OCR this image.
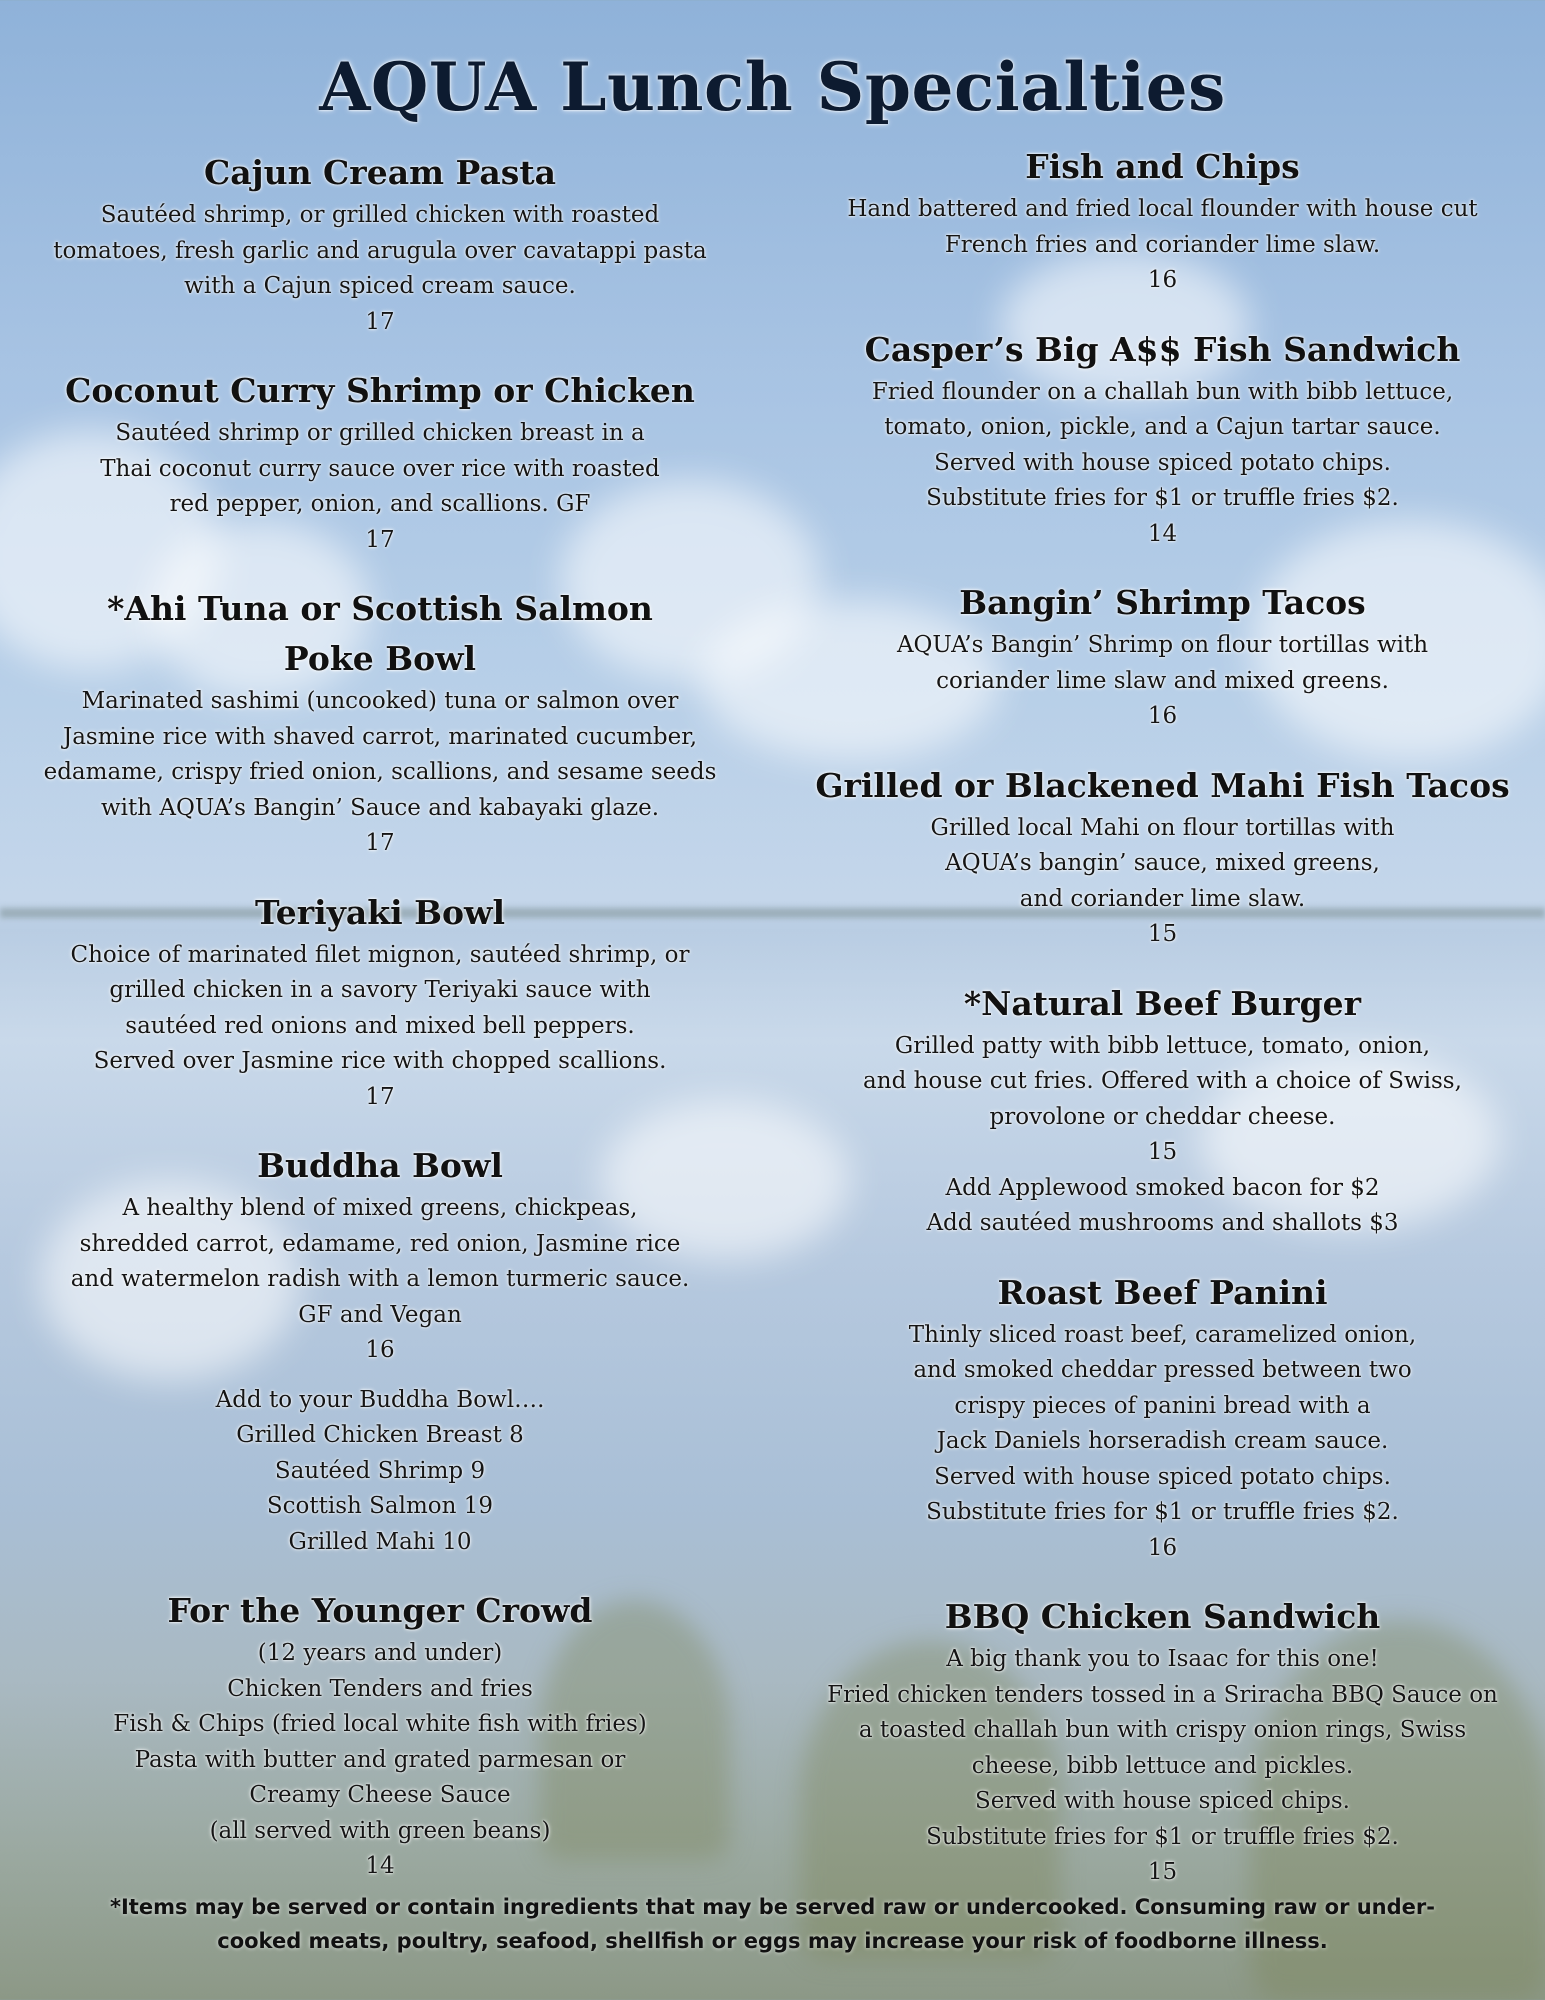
AQUA Lunch Specialties
Cajun Cream Pasta
Sautéed shrimp, or grilled chicken with roasted
tomatoes, fresh garlic and arugula over cavatappi pasta
with a Cajun spiced cream sauce.
17
Coconut Curry Shrimp or Chicken
Sautéed shrimp or grilled chicken breast in a
Thai coconut curry sauce over rice with roasted
red pepper, onion, and scallions. GF
17
*Ahi Tuna or Scottish Salmon
Poke Bowl
Marinated sashimi (uncooked) tuna or salmon over
Jasmine rice with shaved carrot, marinated cucumber,
edamame, crispy fried onion, scallions, and sesame seeds
with AQUA’s Bangin’ Sauce and kabayaki glaze.
17
Teriyaki Bowl
Choice of marinated filet mignon, sautéed shrimp, or
grilled chicken in a savory Teriyaki sauce with
sautéed red onions and mixed bell peppers.
Served over Jasmine rice with chopped scallions.
17
Buddha Bowl
A healthy blend of mixed greens, chickpeas,
shredded carrot, edamame, red onion, Jasmine rice
and watermelon radish with a lemon turmeric sauce.
GF and Vegan
16
Add to your Buddha Bowl….
Grilled Chicken Breast 8
Sautéed Shrimp 9
Scottish Salmon 19
Grilled Mahi 10
For the Younger Crowd
(12 years and under)
Chicken Tenders and fries
Fish & Chips (fried local white fish with fries)
Pasta with butter and grated parmesan or
Creamy Cheese Sauce
(all served with green beans)
14
Fish and Chips
Hand battered and fried local flounder with house cut
French fries and coriander lime slaw.
16
Casper’s Big A$$ Fish Sandwich
Fried flounder on a challah bun with bibb lettuce,
tomato, onion, pickle, and a Cajun tartar sauce.
Served with house spiced potato chips.
Substitute fries for $1 or truffle fries $2.
14
Bangin’ Shrimp Tacos
AQUA’s Bangin’ Shrimp on flour tortillas with
coriander lime slaw and mixed greens.
16
Grilled or Blackened Mahi Fish Tacos
Grilled local Mahi on flour tortillas with
AQUA’s bangin’ sauce, mixed greens,
and coriander lime slaw.
15
*Natural Beef Burger
Grilled patty with bibb lettuce, tomato, onion,
and house cut fries. Offered with a choice of Swiss,
provolone or cheddar cheese.
15
Add Applewood smoked bacon for $2
Add sautéed mushrooms and shallots $3
Roast Beef Panini
Thinly sliced roast beef, caramelized onion,
and smoked cheddar pressed between two
crispy pieces of panini bread with a
Jack Daniels horseradish cream sauce.
Served with house spiced potato chips.
Substitute fries for $1 or truffle fries $2.
16
BBQ Chicken Sandwich
A big thank you to Isaac for this one!
Fried chicken tenders tossed in a Sriracha BBQ Sauce on
a toasted challah bun with crispy onion rings, Swiss
cheese, bibb lettuce and pickles.
Served with house spiced chips.
Substitute fries for $1 or truffle fries $2.
15
*Items may be served or contain ingredients that may be served raw or undercooked. Consuming raw or under-
cooked meats, poultry, seafood, shellfish or eggs may increase your risk of foodborne illness.
